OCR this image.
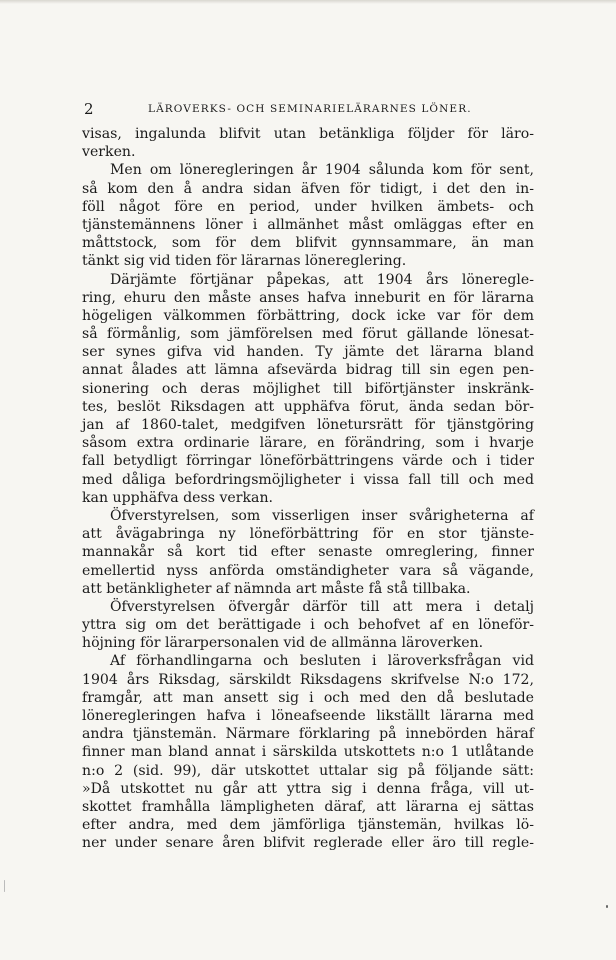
2	LÄROVERKS- OCH SEMINARIELÄRARNES LÖNER.
visas, ingalunda blifvit utan betänkliga följder för läro-
verken.
Men om löneregleringen år 1904 sålunda kom för sent,
så kom den å andra sidan äfven för tidigt, i det den in-
föll något före en period, under hvilken ämbets- och
tjänstemännens löner i allmänhet måst omläggas efter en
måttstock, som för dem blifvit gynnsammare, än man
tänkt sig vid tiden för lärarnas lönereglering.
Därjämte förtjänar påpekas, att 1904 års lönereglе-
ring, ehuru den måste anses hafva inneburit en för lärarna
högeligen välkommen förbättring, dock icke var för dem
så förmånlig, som jämförelsen med förut gällande lönesat-
ser synes gifva vid handen. Ty jämte det lärarna bland
annat ålades att lämna afsevärda bidrag till sin egen pen-
sionering och deras möjlighet till biförtjänster inskränk-
tes, beslöt Riksdagen att upphäfva förut, ända sedan bör-
jan af 1860-talet, medgifven lönetursrätt för tjänstgöring
såsom extra ordinarie lärare, en förändring, som i hvarje
fall betydligt förringar löneförbättringens värde och i tider
med dåliga befordringsmöjligheter i vissa fall till och med
kan upphäfva dess verkan.
Öfverstyrelsen, som visserligen inser svårigheterna af
att åvägabringa ny löneförbättring för en stor tjänste-
mannakår så kort tid efter senaste omreglering, finner
emellertid nyss anförda omständigheter vara så vägande,
att betänkligheter af nämnda art måste få stå tillbaka.
Öfverstyrelsen öfvergår därför till att mera i detalj
yttra sig om det berättigade i och behofvet af en löneför-
höjning för lärarpersonalen vid de allmänna läroverken.
Af förhandlingarna och besluten i läroverksfrågan vid
1904 års Riksdag, särskildt Riksdagens skrifvelse N:o 172,
framgår, att man ansett sig i och med den då beslutade
löneregleringen hafva i löneafseende likställt lärarna med
andra tjänstemän. Närmare förklaring på innebörden häraf
finner man bland annat i särskilda utskottets n:o 1 utlåtande
n:o 2 (sid. 99), där utskottet uttalar sig på följande sätt:
»Då utskottet nu går att yttra sig i denna fråga, vill ut-
skottet framhålla lämpligheten däraf, att lärarna ej sättas
efter andra, med dem jämförliga tjänstemän, hvilkas lö-
ner under senare åren blifvit reglerade eller äro till regle-
